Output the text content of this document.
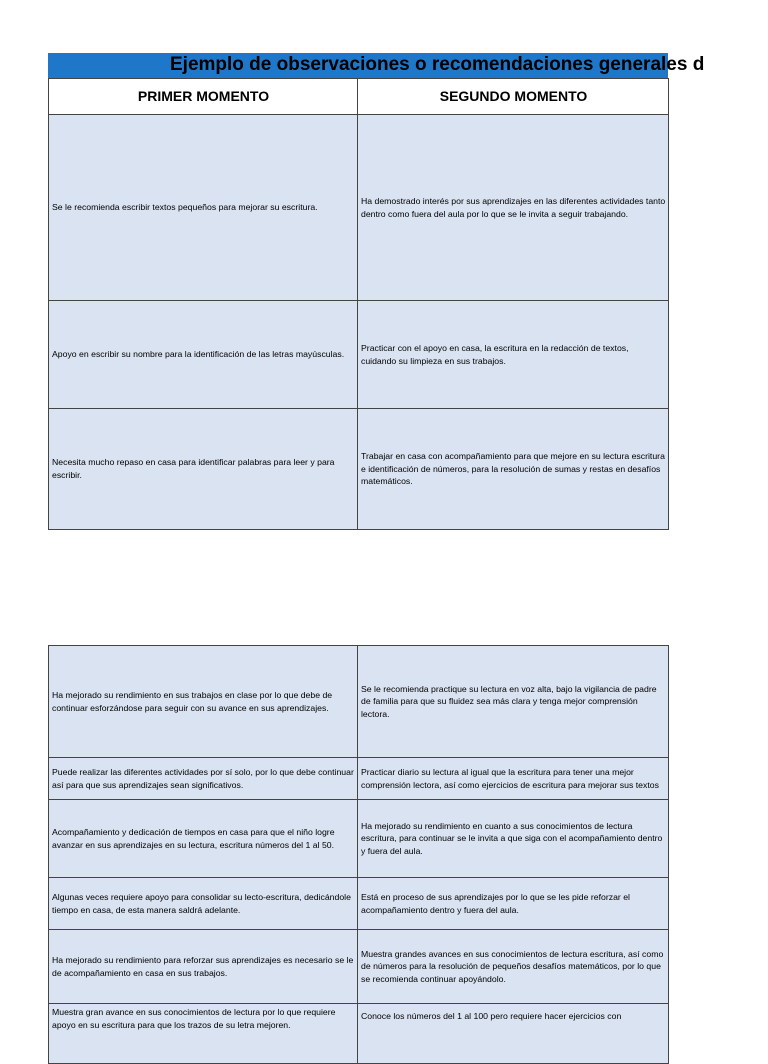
Ejemplo de observaciones o recomendaciones generales d
PRIMER MOMENTO	SEGUNDO MOMENTO
Se le recomienda escribir textos pequeños para mejorar su escritura.	Ha demostrado interés por sus aprendizajes en las diferentes actividades tanto dentro como fuera del aula por lo que se le invita a seguir trabajando.
Apoyo en escribir su nombre para la identificación de las letras mayúsculas.	Practicar con el apoyo en casa, la escritura en la redacción de textos, cuidando su limpieza en sus trabajos.
Necesita mucho repaso en casa para identificar palabras para leer y para escribir.	Trabajar en casa con acompañamiento para que mejore en su lectura escritura e identificación de números, para la resolución de sumas y restas en desafíos matemáticos.
Ha mejorado su rendimiento en sus trabajos en clase por lo que debe de continuar esforzándose para seguir con su avance en sus aprendizajes.	Se le recomienda practique su lectura en voz alta, bajo la vigilancia de padre de familia para que su fluidez sea más clara y tenga mejor comprensión lectora.
Puede realizar las diferentes actividades por sí solo, por lo que debe continuar así para que sus aprendizajes sean significativos.	Practicar diario su lectura al igual que la escritura para tener una mejor comprensión lectora, así como ejercicios de escritura para mejorar sus textos
Acompañamiento y dedicación de tiempos en casa para que el niño logre avanzar en sus aprendizajes en su lectura, escritura números del 1 al 50.	Ha mejorado su rendimiento en cuanto a sus conocimientos de lectura escritura, para continuar se le invita a que siga con el acompañamiento dentro y fuera del aula.
Algunas veces requiere apoyo para consolidar su lecto-escritura, dedicándole tiempo en casa, de esta manera saldrá adelante.	Está en proceso de sus aprendizajes por lo que se les pide reforzar el acompañamiento dentro y fuera del aula.
Ha mejorado su rendimiento para reforzar sus aprendizajes es necesario se le de acompañamiento en casa en sus trabajos.	Muestra grandes avances en sus conocimientos de lectura escritura, así como de números para la resolución de pequeños desafíos matemáticos, por lo que se recomienda continuar apoyándolo.
Muestra gran avance en sus conocimientos de lectura por lo que requiere apoyo en su escritura para que los trazos de su letra mejoren.	Conoce los números del 1 al 100 pero requiere hacer ejercicios con
